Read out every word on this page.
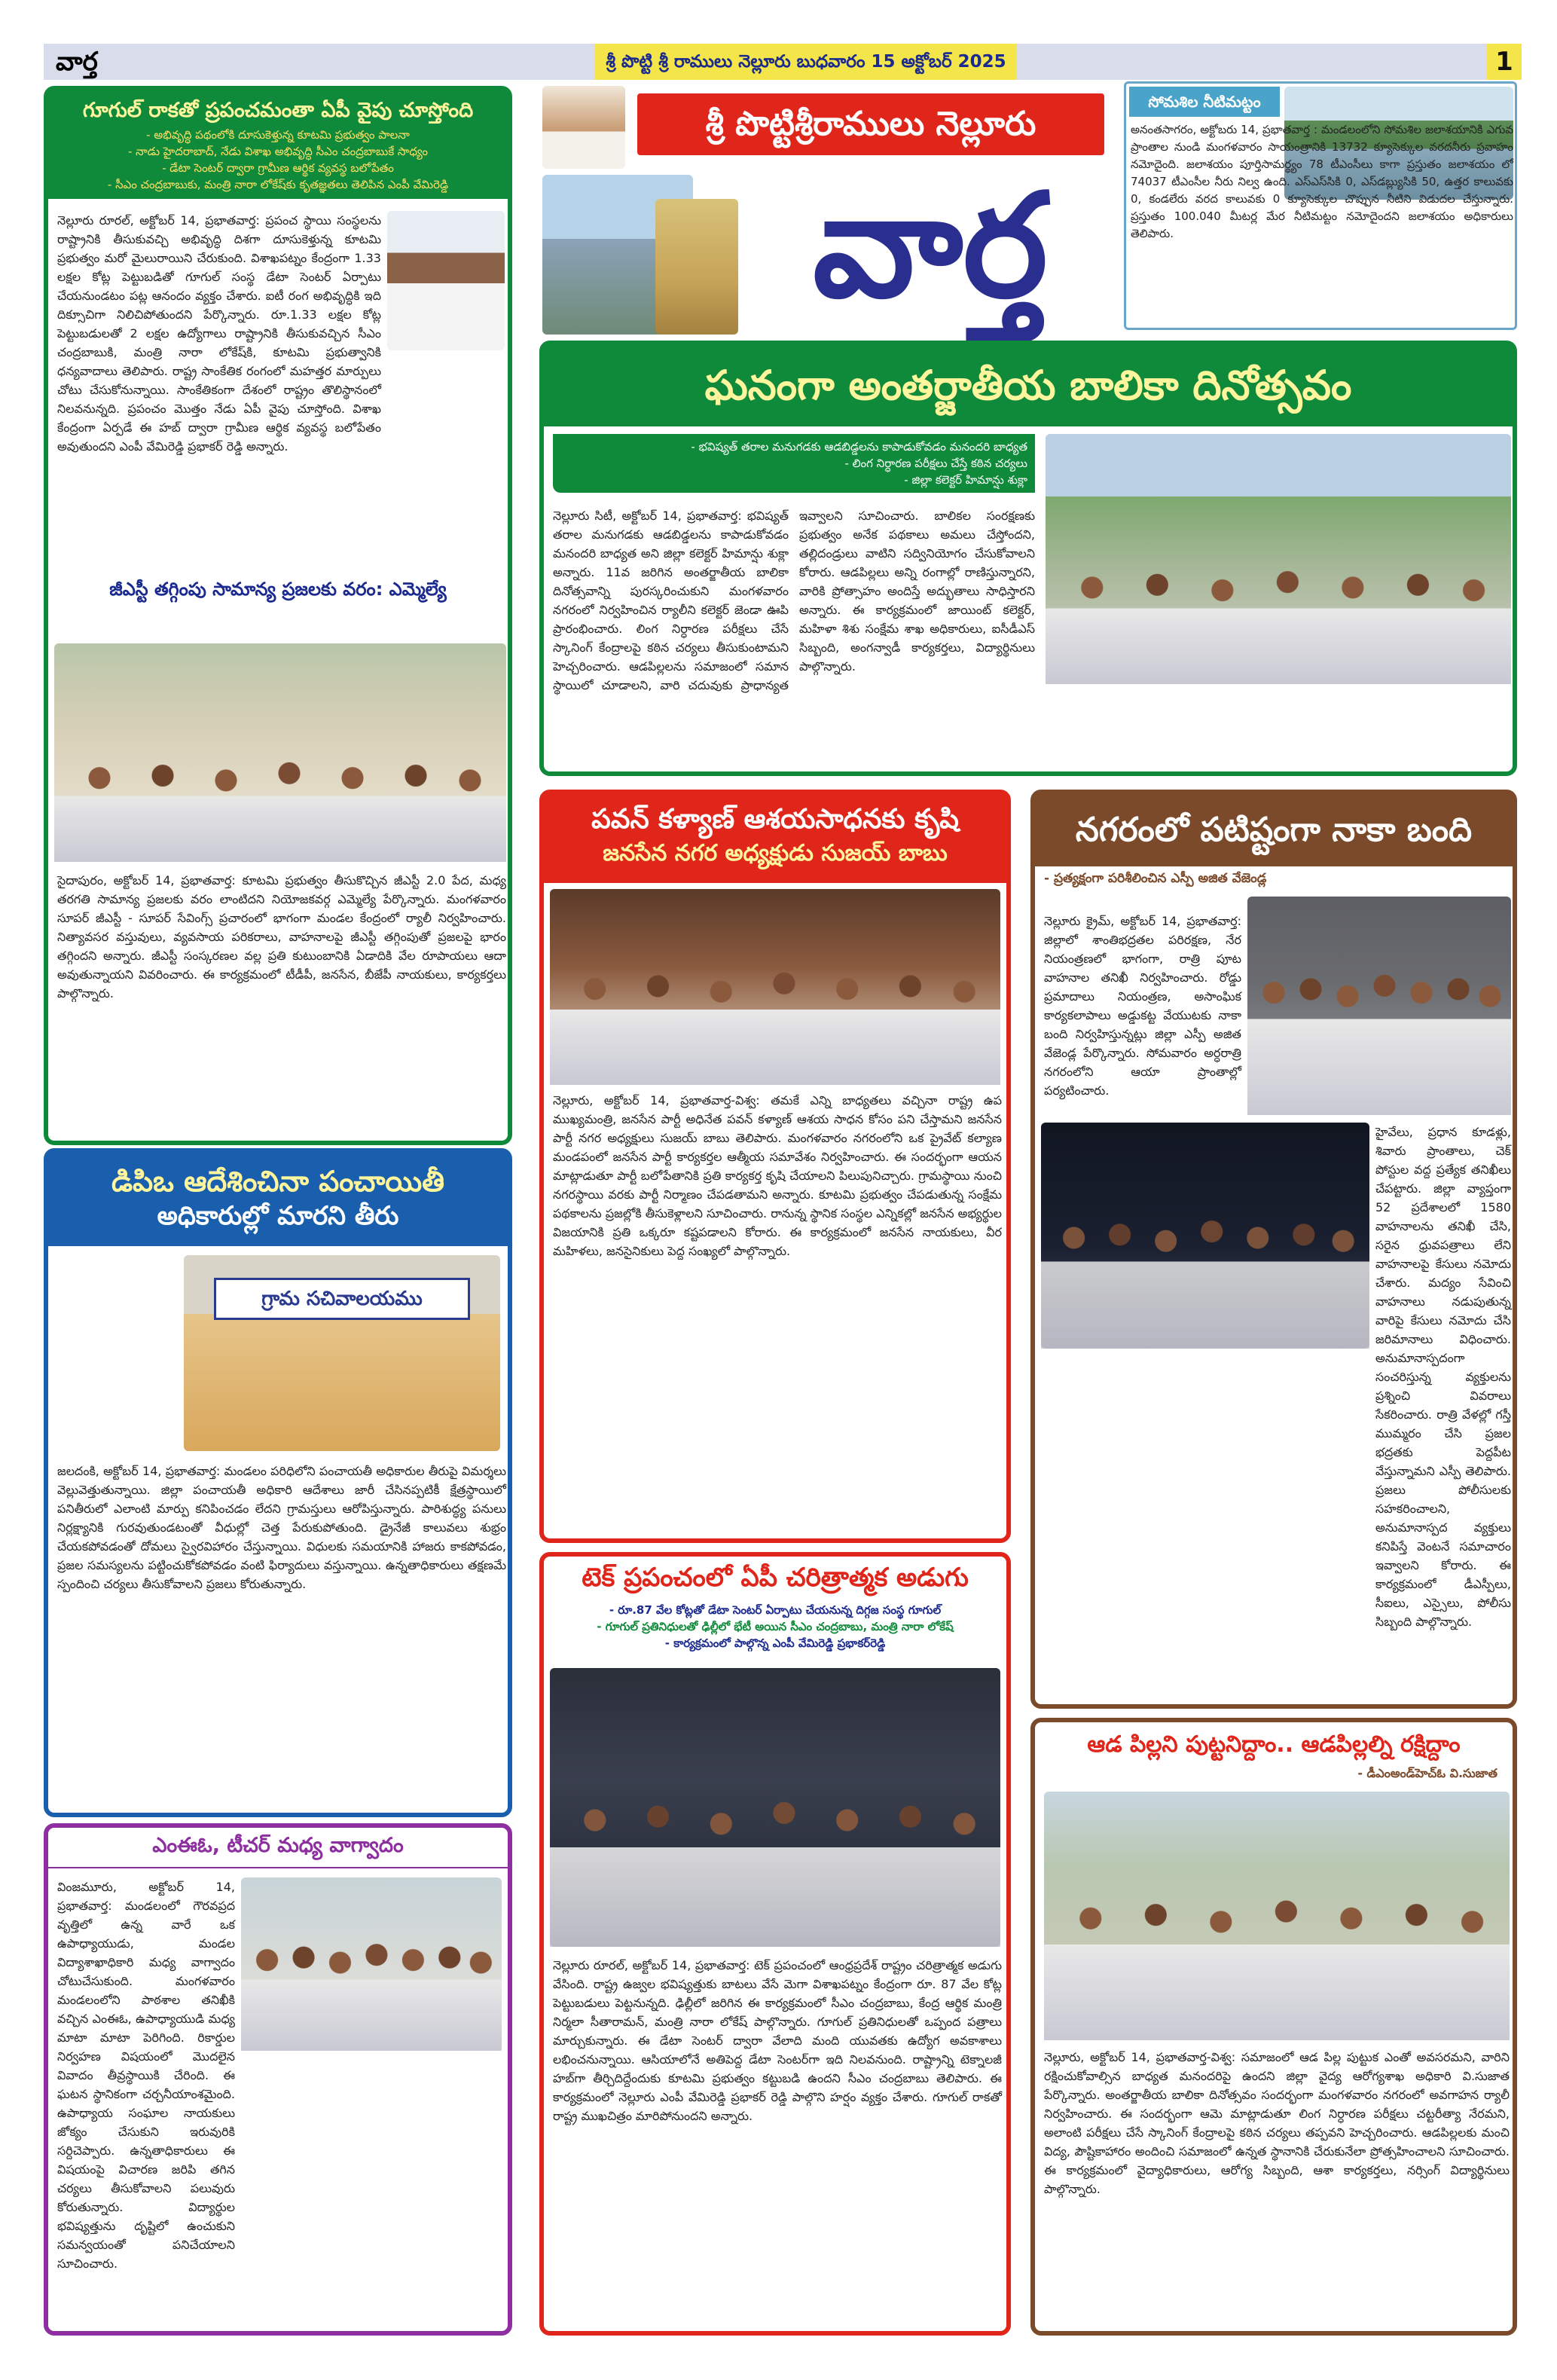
వార్త	శ్రీ పొట్టి శ్రీ రాములు నెల్లూరు బుధవారం 15 అక్టోబర్ 2025	1
గూగుల్ రాకతో ప్రపంచమంతా ఏపీ వైపు చూస్తోంది
- అభివృద్ధి పథంలోకి దూసుకెళ్తున్న కూటమి ప్రభుత్వం పాలనా
- నాడు హైదరాబాద్, నేడు విశాఖ అభివృద్ధి సీఎం చంద్రబాబుకే సాధ్యం
- డేటా సెంటర్ ద్వారా గ్రామీణ ఆర్థిక వ్యవస్థ బలోపేతం
- సీఎం చంద్రబాబుకు, మంత్రి నారా లోకేష్‌కు కృతజ్ఞతలు తెలిపిన ఎంపీ వేమిరెడ్డి
నెల్లూరు రూరల్, అక్టోబర్ 14, ప్రభాతవార్త: ప్రపంచ స్థాయి సంస్థలను రాష్ట్రానికి తీసుకువచ్చి అభివృద్ధి దిశగా దూసుకెళ్తున్న కూటమి ప్రభుత్వం మరో మైలురాయిని చేరుకుంది. విశాఖపట్నం కేంద్రంగా 1.33 లక్షల కోట్ల పెట్టుబడితో గూగుల్ సంస్థ డేటా సెంటర్ ఏర్పాటు చేయనుండటం పట్ల ఆనందం వ్యక్తం చేశారు. ఐటీ రంగ అభివృద్ధికి ఇది దిక్సూచిగా నిలిచిపోతుందని పేర్కొన్నారు. రూ.1.33 లక్షల కోట్ల పెట్టుబడులతో 2 లక్షల ఉద్యోగాలు రాష్ట్రానికి తీసుకువచ్చిన సీఎం చంద్రబాబుకి, మంత్రి నారా లోకేష్‌కి, కూటమి ప్రభుత్వానికి ధన్యవాదాలు తెలిపారు. రాష్ట్ర సాంకేతిక రంగంలో మహత్తర మార్పులు చోటు చేసుకోనున్నాయి. సాంకేతికంగా దేశంలో రాష్ట్రం తొలిస్థానంలో నిలవనున్నది. ప్రపంచం మొత్తం నేడు ఏపీ వైపు చూస్తోంది. విశాఖ కేంద్రంగా ఏర్పడే ఈ హబ్‌ ద్వారా గ్రామీణ ఆర్థిక వ్యవస్థ బలోపేతం అవుతుందని ఎంపీ వేమిరెడ్డి ప్రభాకర్ రెడ్డి అన్నారు.
జీఎస్టీ తగ్గింపు సామాన్య ప్రజలకు వరం: ఎమ్మెల్యే
సైదాపురం, అక్టోబర్ 14, ప్రభాతవార్త: కూటమి ప్రభుత్వం తీసుకొచ్చిన జీఎస్టీ 2.0 పేద, మధ్య తరగతి సామాన్య ప్రజలకు వరం లాంటిదని నియోజకవర్గ ఎమ్మెల్యే పేర్కొన్నారు. మంగళవారం సూపర్ జీఎస్టీ - సూపర్ సేవింగ్స్ ప్రచారంలో భాగంగా మండల కేంద్రంలో ర్యాలీ నిర్వహించారు. నిత్యావసర వస్తువులు, వ్యవసాయ పరికరాలు, వాహనాలపై జీఎస్టీ తగ్గింపుతో ప్రజలపై భారం తగ్గిందని అన్నారు. జీఎస్టీ సంస్కరణల వల్ల ప్రతి కుటుంబానికి ఏడాదికి వేల రూపాయలు ఆదా అవుతున్నాయని వివరించారు. ఈ కార్యక్రమంలో టీడీపీ, జనసేన, బీజేపీ నాయకులు, కార్యకర్తలు పాల్గొన్నారు.
డిపిఒ ఆదేశించినా పంచాయితీ
అధికారుల్లో మారని తీరు
గ్రామ సచివాలయము
జలదంకి, అక్టోబర్ 14, ప్రభాతవార్త: మండలం పరిధిలోని పంచాయతీ అధికారుల తీరుపై విమర్శలు వెల్లువెత్తుతున్నాయి. జిల్లా పంచాయతీ అధికారి ఆదేశాలు జారీ చేసినప్పటికీ క్షేత్రస్థాయిలో పనితీరులో ఎలాంటి మార్పు కనిపించడం లేదని గ్రామస్తులు ఆరోపిస్తున్నారు. పారిశుద్ధ్య పనులు నిర్లక్ష్యానికి గురవుతుండటంతో వీధుల్లో చెత్త పేరుకుపోతుంది. డ్రైనేజీ కాలువలు శుభ్రం చేయకపోవడంతో దోమలు స్వైరవిహారం చేస్తున్నాయి. విధులకు సమయానికి హాజరు కాకపోవడం, ప్రజల సమస్యలను పట్టించుకోకపోవడం వంటి ఫిర్యాదులు వస్తున్నాయి. ఉన్నతాధికారులు తక్షణమే స్పందించి చర్యలు తీసుకోవాలని ప్రజలు కోరుతున్నారు.
ఎంఈఓ, టీచర్ మధ్య వాగ్వాదం
వింజమూరు, అక్టోబర్ 14, ప్రభాతవార్త: మండలంలో గౌరవప్రద వృత్తిలో ఉన్న వారే ఒక ఉపాధ్యాయుడు, మండల విద్యాశాఖాధికారి మధ్య వాగ్వాదం చోటుచేసుకుంది. మంగళవారం మండలంలోని పాఠశాల తనిఖీకి వచ్చిన ఎంఈఓ, ఉపాధ్యాయుడి మధ్య మాటా మాటా పెరిగింది. రికార్డుల నిర్వహణ విషయంలో మొదలైన వివాదం తీవ్రస్థాయికి చేరింది. ఈ ఘటన స్థానికంగా చర్చనీయాంశమైంది. ఉపాధ్యాయ సంఘాల నాయకులు జోక్యం చేసుకుని ఇరువురికి సర్దిచెప్పారు. ఉన్నతాధికారులు ఈ విషయంపై విచారణ జరిపి తగిన చర్యలు తీసుకోవాలని పలువురు కోరుతున్నారు. విద్యార్థుల భవిష్యత్తును దృష్టిలో ఉంచుకుని సమన్వయంతో పనిచేయాలని సూచించారు.
శ్రీ పొట్టిశ్రీరాములు నెల్లూరు
వార్త
సోమశిల నీటిమట్టం
అనంతసాగరం, అక్టోబరు 14, ప్రభాతవార్త : మండలంలోని సోమశిల జలాశయానికి ఎగువ ప్రాంతాల నుండి మంగళవారం సాయంత్రానికి 13732 క్యూసెక్కుల వరదనీరు ప్రవాహం నమోదైంది. జలాశయం పూర్తిసామర్థ్యం 78 టీఎంసీలు కాగా ప్రస్తుతం జలాశయం లో 74037 టీఎంసీల నీరు నిల్వ ఉంది. ఎస్‌ఎస్‌సికి 0, ఎస్‌డబ్ల్యుసికి 50, ఉత్తర కాలువకు 0, కండలేరు వరద కాలువకు 0 క్యూసెక్కుల చొప్పున నీటిని విడుదల చేస్తున్నారు. ప్రస్తుతం 100.040 మీటర్ల మేర నీటిమట్టం నమోదైందని జలాశయం అధికారులు తెలిపారు.
ఘనంగా అంతర్జాతీయ బాలికా దినోత్సవం
- భవిష్యత్ తరాల మనుగడకు ఆడబిడ్డలను కాపాడుకోవడం మనందరి బాధ్యత
- లింగ నిర్ధారణ పరీక్షలు చేస్తే కఠిన చర్యలు
- జిల్లా కలెక్టర్ హిమాన్షు శుక్లా
నెల్లూరు సిటీ, అక్టోబర్ 14, ప్రభాతవార్త: భవిష్యత్ తరాల మనుగడకు ఆడబిడ్డలను కాపాడుకోవడం మనందరి బాధ్యత అని జిల్లా కలెక్టర్ హిమాన్షు శుక్లా అన్నారు. 11వ జరిగిన అంతర్జాతీయ బాలికా దినోత్సవాన్ని పురస్కరించుకుని మంగళవారం నగరంలో నిర్వహించిన ర్యాలీని కలెక్టర్ జెండా ఊపి ప్రారంభించారు. లింగ నిర్ధారణ పరీక్షలు చేసే స్కానింగ్ కేంద్రాలపై కఠిన చర్యలు తీసుకుంటామని హెచ్చరించారు. ఆడపిల్లలను సమాజంలో సమాన స్థాయిలో చూడాలని, వారి చదువుకు ప్రాధాన్యత ఇవ్వాలని సూచించారు. బాలికల సంరక్షణకు ప్రభుత్వం అనేక పథకాలు అమలు చేస్తోందని, తల్లిదండ్రులు వాటిని సద్వినియోగం చేసుకోవాలని కోరారు. ఆడపిల్లలు అన్ని రంగాల్లో రాణిస్తున్నారని, వారికి ప్రోత్సాహం అందిస్తే అద్భుతాలు సాధిస్తారని అన్నారు. ఈ కార్యక్రమంలో జాయింట్ కలెక్టర్, మహిళా శిశు సంక్షేమ శాఖ అధికారులు, ఐసీడీఎస్ సిబ్బంది, అంగన్వాడీ కార్యకర్తలు, విద్యార్థినులు పాల్గొన్నారు.
పవన్ కళ్యాణ్ ఆశయసాధనకు కృషి
జనసేన నగర అధ్యక్షుడు సుజయ్ బాబు
నెల్లూరు, అక్టోబర్ 14, ప్రభాతవార్త-విశ్వ: తమకే ఎన్ని బాధ్యతలు వచ్చినా రాష్ట్ర ఉప ముఖ్యమంత్రి, జనసేన పార్టీ అధినేత పవన్ కళ్యాణ్ ఆశయ సాధన కోసం పని చేస్తామని జనసేన పార్టీ నగర అధ్యక్షులు సుజయ్ బాబు తెలిపారు. మంగళవారం నగరంలోని ఒక ప్రైవేట్ కల్యాణ మండపంలో జనసేన పార్టీ కార్యకర్తల ఆత్మీయ సమావేశం నిర్వహించారు. ఈ సందర్భంగా ఆయన మాట్లాడుతూ పార్టీ బలోపేతానికి ప్రతి కార్యకర్త కృషి చేయాలని పిలుపునిచ్చారు. గ్రామస్థాయి నుంచి నగరస్థాయి వరకు పార్టీ నిర్మాణం చేపడతామని అన్నారు. కూటమి ప్రభుత్వం చేపడుతున్న సంక్షేమ పథకాలను ప్రజల్లోకి తీసుకెళ్లాలని సూచించారు. రానున్న స్థానిక సంస్థల ఎన్నికల్లో జనసేన అభ్యర్థుల విజయానికి ప్రతి ఒక్కరూ కష్టపడాలని కోరారు. ఈ కార్యక్రమంలో జనసేన నాయకులు, వీర మహిళలు, జనసైనికులు పెద్ద సంఖ్యలో పాల్గొన్నారు.
టెక్ ప్రపంచంలో ఏపీ చరిత్రాత్మక అడుగు
- రూ.87 వేల కోట్లతో డేటా సెంటర్ ఏర్పాటు చేయనున్న దిగ్గజ సంస్థ గూగుల్
- గూగుల్ ప్రతినిధులతో ఢిల్లీలో భేటీ అయిన సీఎం చంద్రబాబు, మంత్రి నారా లోకేష్
- కార్యక్రమంలో పాల్గొన్న ఎంపీ వేమిరెడ్డి ప్రభాకర్‌రెడ్డి
నెల్లూరు రూరల్, అక్టోబర్ 14, ప్రభాతవార్త: టెక్ ప్రపంచంలో ఆంధ్రప్రదేశ్ రాష్ట్రం చరిత్రాత్మక అడుగు వేసింది. రాష్ట్ర ఉజ్వల భవిష్యత్తుకు బాటలు వేసే మెగా విశాఖపట్నం కేంద్రంగా రూ. 87 వేల కోట్ల పెట్టుబడులు పెట్టనున్నది. ఢిల్లీలో జరిగిన ఈ కార్యక్రమంలో సీఎం చంద్రబాబు, కేంద్ర ఆర్థిక మంత్రి నిర్మలా సీతారామన్, మంత్రి నారా లోకేష్ పాల్గొన్నారు. గూగుల్ ప్రతినిధులతో ఒప్పంద పత్రాలు మార్చుకున్నారు. ఈ డేటా సెంటర్ ద్వారా వేలాది మంది యువతకు ఉద్యోగ అవకాశాలు లభించనున్నాయి. ఆసియాలోనే అతిపెద్ద డేటా సెంటర్‌గా ఇది నిలవనుంది. రాష్ట్రాన్ని టెక్నాలజీ హబ్‌గా తీర్చిదిద్దేందుకు కూటమి ప్రభుత్వం కట్టుబడి ఉందని సీఎం చంద్రబాబు తెలిపారు. ఈ కార్యక్రమంలో నెల్లూరు ఎంపీ వేమిరెడ్డి ప్రభాకర్ రెడ్డి పాల్గొని హర్షం వ్యక్తం చేశారు. గూగుల్ రాకతో రాష్ట్ర ముఖచిత్రం మారిపోనుందని అన్నారు.
నగరంలో పటిష్టంగా నాకా బంది
- ప్రత్యక్షంగా పరిశీలించిన ఎస్పీ అజిత వేజెండ్ల
నెల్లూరు క్రైమ్, అక్టోబర్ 14, ప్రభాతవార్త: జిల్లాలో శాంతిభద్రతల పరిరక్షణ, నేర నియంత్రణలో భాగంగా, రాత్రి పూట వాహనాల తనిఖీ నిర్వహించారు. రోడ్డు ప్రమాదాలు నియంత్రణ, అసాంఘిక కార్యకలాపాలు అడ్డుకట్ట వేయుటకు నాకా బంది నిర్వహిస్తున్నట్లు జిల్లా ఎస్పీ అజిత వేజెండ్ల పేర్కొన్నారు. సోమవారం అర్ధరాత్రి నగరంలోని ఆయా ప్రాంతాల్లో పర్యటించారు.
హైవేలు, ప్రధాన కూడళ్లు, శివారు ప్రాంతాలు, చెక్ పోస్టుల వద్ద ప్రత్యేక తనిఖీలు చేపట్టారు. జిల్లా వ్యాప్తంగా 52 ప్రదేశాలలో 1580 వాహనాలను తనిఖీ చేసి, సరైన ధ్రువపత్రాలు లేని వాహనాలపై కేసులు నమోదు చేశారు. మద్యం సేవించి వాహనాలు నడుపుతున్న వారిపై కేసులు నమోదు చేసి జరిమానాలు విధించారు. అనుమానాస్పదంగా సంచరిస్తున్న వ్యక్తులను ప్రశ్నించి వివరాలు సేకరించారు. రాత్రి వేళల్లో గస్తీ ముమ్మరం చేసి ప్రజల భద్రతకు పెద్దపీట వేస్తున్నామని ఎస్పీ తెలిపారు. ప్రజలు పోలీసులకు సహకరించాలని, అనుమానాస్పద వ్యక్తులు కనిపిస్తే వెంటనే సమాచారం ఇవ్వాలని కోరారు. ఈ కార్యక్రమంలో డీఎస్పీలు, సీఐలు, ఎస్సైలు, పోలీసు సిబ్బంది పాల్గొన్నారు.
ఆడ పిల్లని పుట్టనిద్దాం.. ఆడపిల్లల్ని రక్షిద్దాం
- డీఎంఅండ్‌హెచ్‌ఓ వి.సుజాత
నెల్లూరు, అక్టోబర్ 14, ప్రభాతవార్త-విశ్వ: సమాజంలో ఆడ పిల్ల పుట్టుక ఎంతో అవసరమని, వారిని రక్షించుకోవాల్సిన బాధ్యత మనందరిపై ఉందని జిల్లా వైద్య ఆరోగ్యశాఖ అధికారి వి.సుజాత పేర్కొన్నారు. అంతర్జాతీయ బాలికా దినోత్సవం సందర్భంగా మంగళవారం నగరంలో అవగాహన ర్యాలీ నిర్వహించారు. ఈ సందర్భంగా ఆమె మాట్లాడుతూ లింగ నిర్ధారణ పరీక్షలు చట్టరీత్యా నేరమని, అలాంటి పరీక్షలు చేసే స్కానింగ్ కేంద్రాలపై కఠిన చర్యలు తప్పవని హెచ్చరించారు. ఆడపిల్లలకు మంచి విద్య, పౌష్టికాహారం అందించి సమాజంలో ఉన్నత స్థానానికి చేరుకునేలా ప్రోత్సహించాలని సూచించారు. ఈ కార్యక్రమంలో వైద్యాధికారులు, ఆరోగ్య సిబ్బంది, ఆశా కార్యకర్తలు, నర్సింగ్ విద్యార్థినులు పాల్గొన్నారు.
